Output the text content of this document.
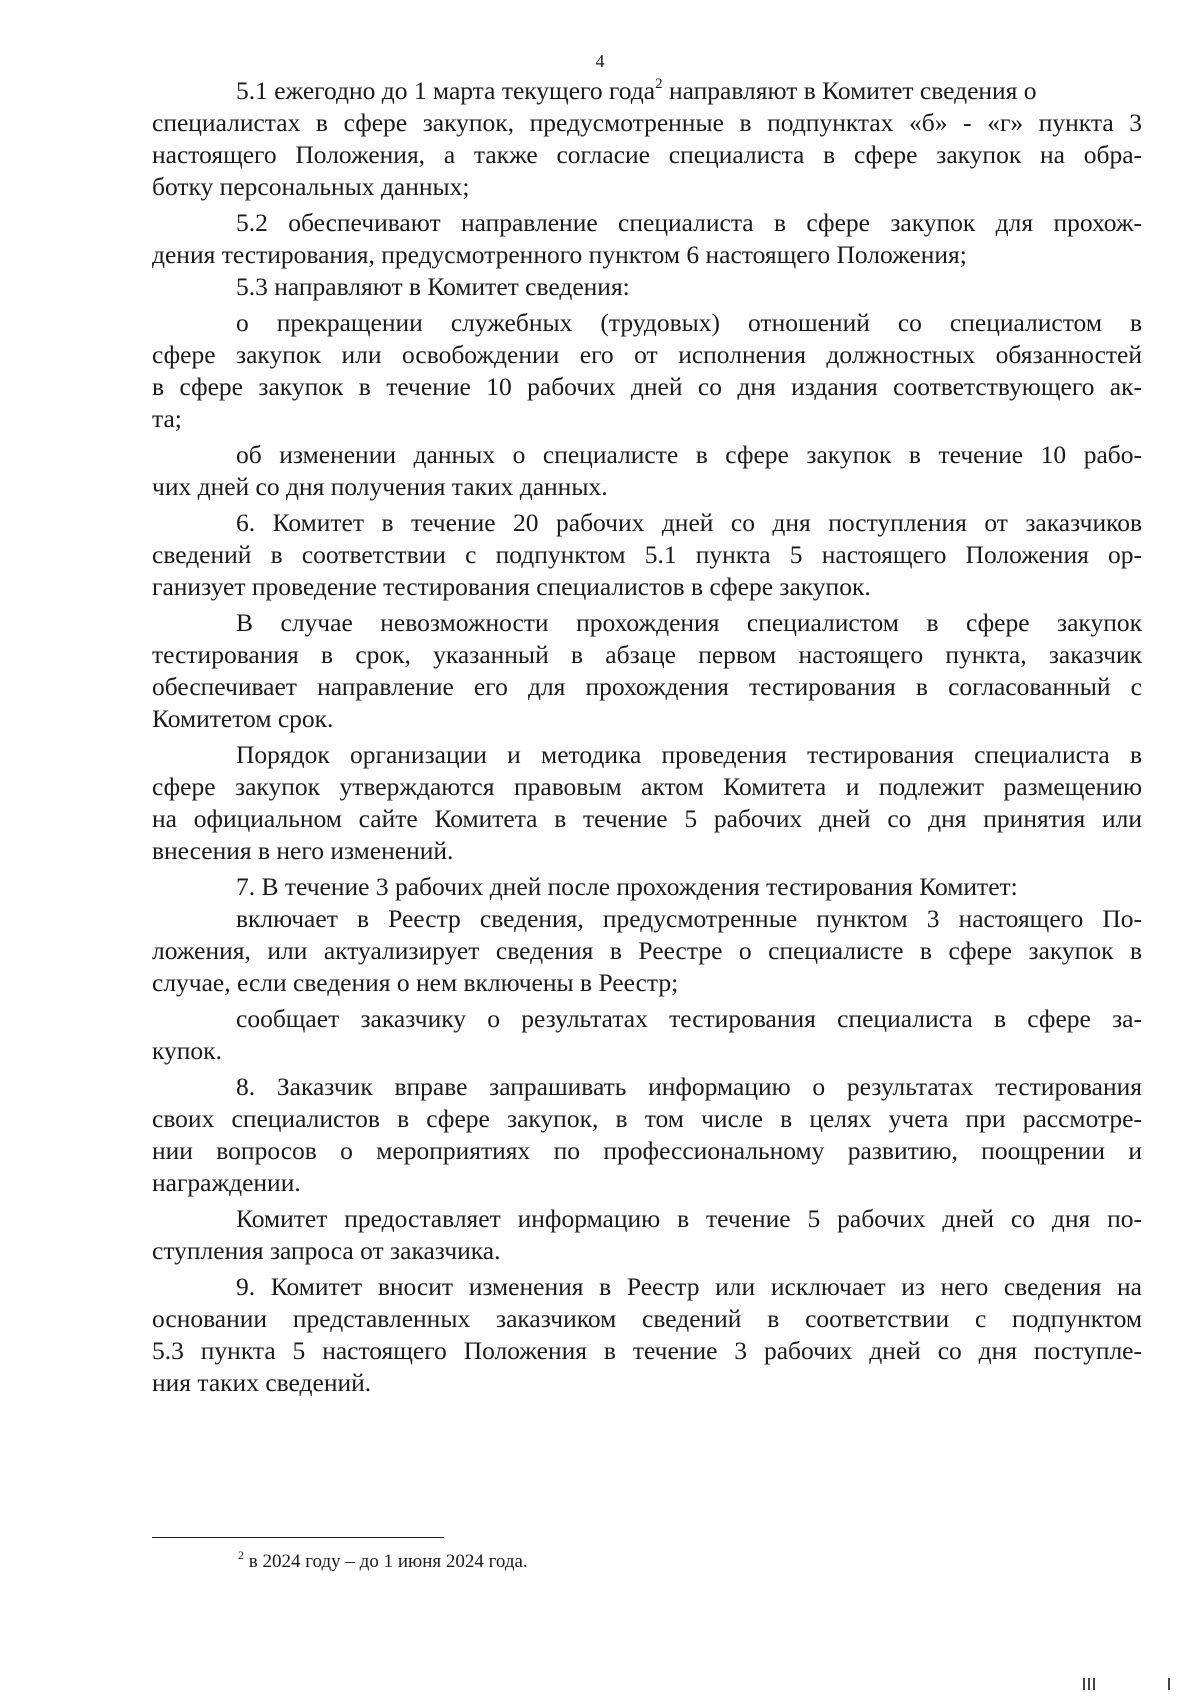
4
5.1 ежегодно до 1 марта текущего года$^2$ направляют в Комитет сведения о
специалистах в сфере закупок, предусмотренные в подпунктах «б» - «г» пункта 3
настоящего Положения, а также согласие специалиста в сфере закупок на обра-
ботку персональных данных;
5.2 обеспечивают направление специалиста в сфере закупок для прохож-
дения тестирования, предусмотренного пунктом 6 настоящего Положения;
5.3 направляют в Комитет сведения:
о прекращении служебных (трудовых) отношений со специалистом в
сфере закупок или освобождении его от исполнения должностных обязанностей
в сфере закупок в течение 10 рабочих дней со дня издания соответствующего ак-
та;
об изменении данных о специалисте в сфере закупок в течение 10 рабо-
чих дней со дня получения таких данных.
6. Комитет в течение 20 рабочих дней со дня поступления от заказчиков
сведений в соответствии с подпунктом 5.1 пункта 5 настоящего Положения ор-
ганизует проведение тестирования специалистов в сфере закупок.
В случае невозможности прохождения специалистом в сфере закупок
тестирования в срок, указанный в абзаце первом настоящего пункта, заказчик
обеспечивает направление его для прохождения тестирования в согласованный с
Комитетом срок.
Порядок организации и методика проведения тестирования специалиста в
сфере закупок утверждаются правовым актом Комитета и подлежит размещению
на официальном сайте Комитета в течение 5 рабочих дней со дня принятия или
внесения в него изменений.
7. В течение 3 рабочих дней после прохождения тестирования Комитет:
включает в Реестр сведения, предусмотренные пунктом 3 настоящего По-
ложения, или актуализирует сведения в Реестре о специалисте в сфере закупок в
случае, если сведения о нем включены в Реестр;
сообщает заказчику о результатах тестирования специалиста в сфере за-
купок.
8. Заказчик вправе запрашивать информацию о результатах тестирования
своих специалистов в сфере закупок, в том числе в целях учета при рассмотре-
нии вопросов о мероприятиях по профессиональному развитию, поощрении и
награждении.
Комитет предоставляет информацию в течение 5 рабочих дней со дня по-
ступления запроса от заказчика.
9. Комитет вносит изменения в Реестр или исключает из него сведения на
основании представленных заказчиком сведений в соответствии с подпунктом
5.3 пункта 5 настоящего Положения в течение 3 рабочих дней со дня поступле-
ния таких сведений.
$^2$ в 2024 году – до 1 июня 2024 года.
